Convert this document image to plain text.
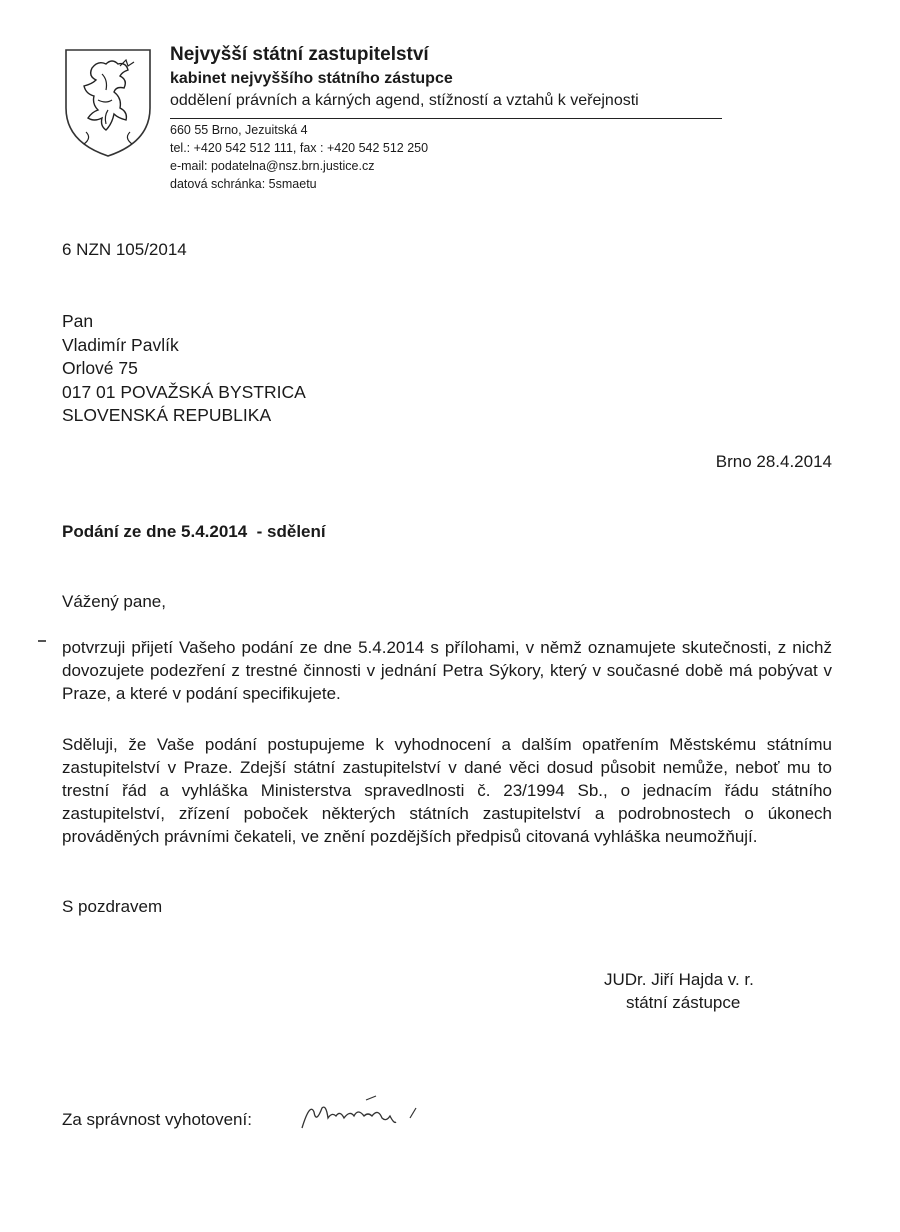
Nejvyšší státní zastupitelství
kabinet nejvyššího státního zástupce
oddělení právních a kárných agend, stížností a vztahů k veřejnosti
660 55 Brno, Jezuitská 4
tel.: +420 542 512 111, fax : +420 542 512 250
e-mail: podatelna@nsz.brn.justice.cz
datová schránka: 5smaetu
6 NZN 105/2014
Pan
Vladimír Pavlík
Orlové 75
017 01 POVAŽSKÁ BYSTRICA
SLOVENSKÁ REPUBLIKA
Brno 28.4.2014
Podání ze dne 5.4.2014  - sdělení
Vážený pane,
potvrzuji přijetí Vašeho podání ze dne 5.4.2014 s přílohami, v němž oznamujete skutečnosti, z nichž dovozujete podezření z trestné činnosti v jednání Petra Sýkory, který v současné době má pobývat v Praze, a které v podání specifikujete.
Sděluji, že Vaše podání postupujeme k vyhodnocení a dalším opatřením Městskému státnímu zastupitelství v Praze. Zdejší státní zastupitelství v dané věci dosud působit nemůže, neboť mu to trestní řád a vyhláška Ministerstva spravedlnosti č. 23/1994 Sb., o jednacím řádu státního zastupitelství, zřízení poboček některých státních zastupitelství a podrobnostech o úkonech prováděných právními čekateli, ve znění pozdějších předpisů citovaná vyhláška neumožňují.
S pozdravem
JUDr. Jiří Hajda v. r.
státní zástupce
Za správnost vyhotovení:
